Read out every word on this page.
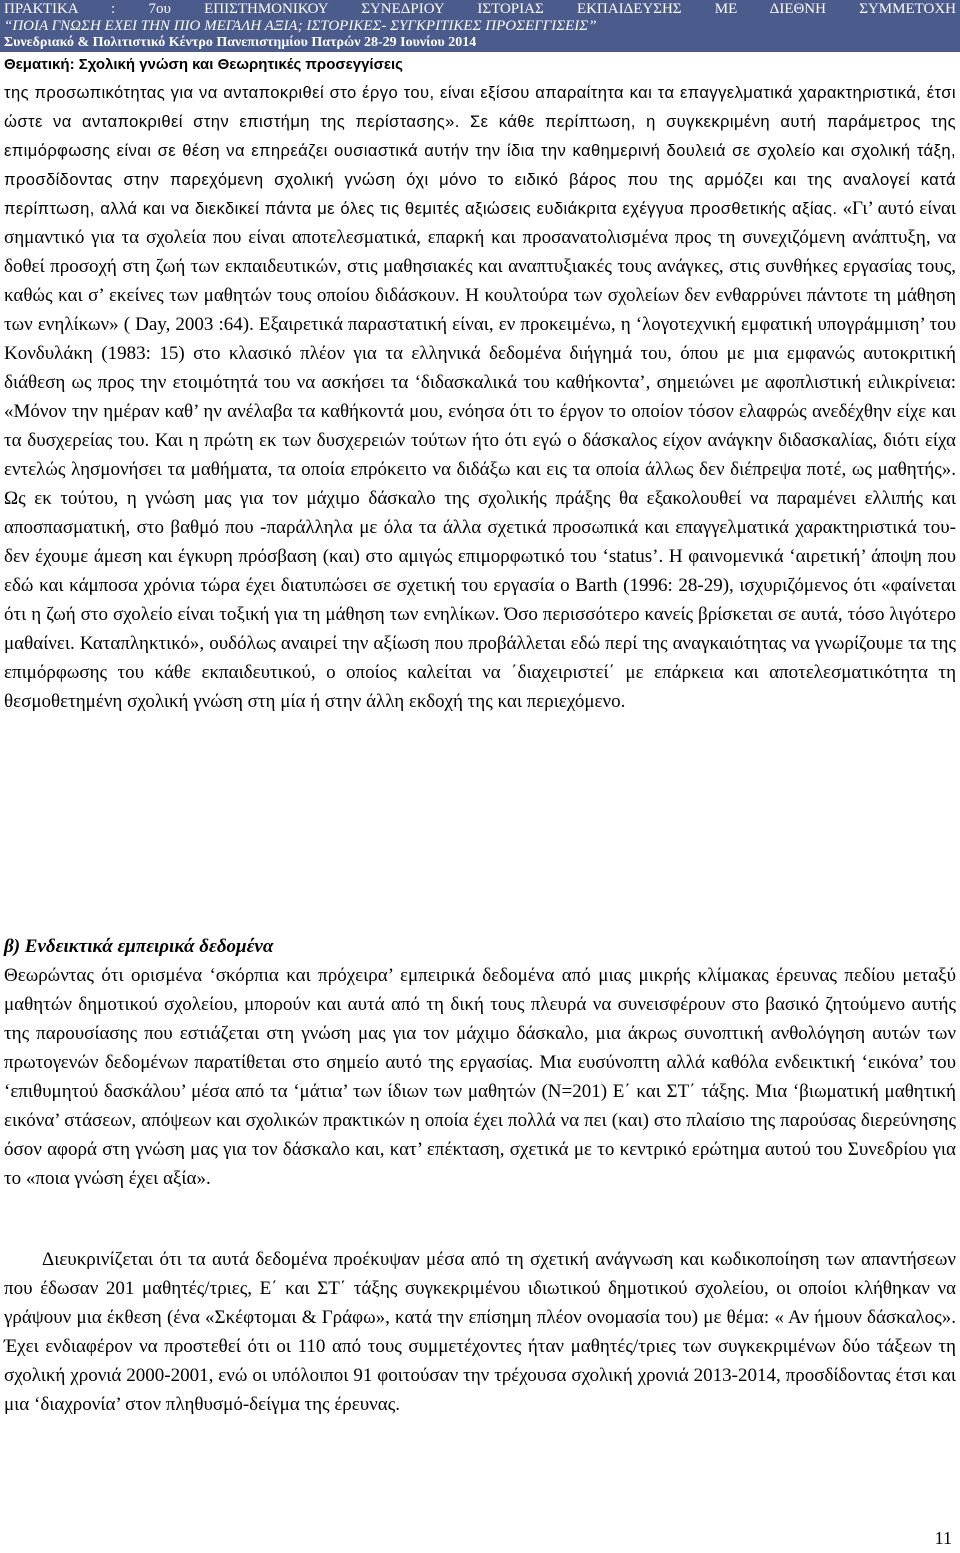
ΠΡΑΚΤΙΚΑ : 7ου ΕΠΙΣΤΗΜΟΝΙΚΟΥ ΣΥΝΕΔΡΙΟΥ ΙΣΤΟΡΙΑΣ ΕΚΠΑΙΔΕΥΣΗΣ ΜΕ ΔΙΕΘΝΗ ΣΥΜΜΕΤΟΧΗ
“ΠΟΙΑ ΓΝΩΣΗ ΕΧΕΙ ΤΗΝ ΠΙΟ ΜΕΓΑΛΗ ΑΞΙΑ; ΙΣΤΟΡΙΚΕΣ- ΣΥΓΚΡΙΤΙΚΕΣ ΠΡΟΣΕΓΓΙΣΕΙΣ”
Συνεδριακό & Πολιτιστικό Κέντρο Πανεπιστημίου Πατρών 28-29 Ιουνίου 2014
Θεματική: Σχολική γνώση και Θεωρητικές προσεγγίσεις

της προσωπικότητας για να ανταποκριθεί στο έργο του, είναι εξίσου απαραίτητα και τα επαγγελματικά χαρακτηριστικά, έτσι ώστε να ανταποκριθεί στην επιστήμη της περίστασης». Σε κάθε περίπτωση, η συγκεκριμένη αυτή παράμετρος της επιμόρφωσης είναι σε θέση να επηρεάζει ουσιαστικά αυτήν την ίδια την καθημερινή δουλειά σε σχολείο και σχολική τάξη, προσδίδοντας στην παρεχόμενη σχολική γνώση όχι μόνο το ειδικό βάρος που της αρμόζει και της αναλογεί κατά περίπτωση, αλλά και να διεκδικεί πάντα με όλες τις θεμιτές αξιώσεις ευδιάκριτα εχέγγυα προσθετικής αξίας. «Γι’ αυτό είναι σημαντικό για τα σχολεία που είναι αποτελεσματικά, επαρκή και προσανατολισμένα προς τη συνεχιζόμενη ανάπτυξη, να δοθεί προσοχή στη ζωή των εκπαιδευτικών, στις μαθησιακές και αναπτυξιακές τους ανάγκες, στις συνθήκες εργασίας τους, καθώς και σ’ εκείνες των μαθητών τους οποίου διδάσκουν. Η κουλτούρα των σχολείων δεν ενθαρρύνει πάντοτε τη μάθηση των ενηλίκων» ( Day, 2003 :64). Εξαιρετικά παραστατική είναι, εν προκειμένω, η ‘λογοτεχνική εμφατική υπογράμμιση’ του Κονδυλάκη (1983: 15) στο κλασικό πλέον για τα ελληνικά δεδομένα διήγημά του, όπου με μια εμφανώς αυτοκριτική διάθεση ως προς την ετοιμότητά του να ασκήσει τα ‘διδασκαλικά του καθήκοντα’, σημειώνει με αφοπλιστική ειλικρίνεια: «Μόνον την ημέραν καθ’ ην ανέλαβα τα καθήκοντά μου, ενόησα ότι το έργον το οποίον τόσον ελαφρώς ανεδέχθην είχε και τα δυσχερείας του. Και η πρώτη εκ των δυσχερειών τούτων ήτο ότι εγώ ο δάσκαλος είχον ανάγκην διδασκαλίας, διότι είχα εντελώς λησμονήσει τα μαθήματα, τα οποία επρόκειτο να διδάξω και εις τα οποία άλλως δεν διέπρεψα ποτέ, ως μαθητής». Ως εκ τούτου, η γνώση μας για τον μάχιμο δάσκαλο της σχολικής πράξης θα εξακολουθεί να παραμένει ελλιπής και αποσπασματική, στο βαθμό που -παράλληλα με όλα τα άλλα σχετικά προσωπικά και επαγγελματικά χαρακτηριστικά του- δεν έχουμε άμεση και έγκυρη πρόσβαση (και) στο αμιγώς επιμορφωτικό του ‘status’. Η φαινομενικά ‘αιρετική’ άποψη που εδώ και κάμποσα χρόνια τώρα έχει διατυπώσει σε σχετική του εργασία ο Barth (1996: 28-29), ισχυριζόμενος ότι «φαίνεται ότι η ζωή στο σχολείο είναι τοξική για τη μάθηση των ενηλίκων. Όσο περισσότερο κανείς βρίσκεται σε αυτά, τόσο λιγότερο μαθαίνει. Καταπληκτικό», ουδόλως αναιρεί την αξίωση που προβάλλεται εδώ περί της αναγκαιότητας να γνωρίζουμε τα της επιμόρφωσης του κάθε εκπαιδευτικού, ο οποίος καλείται να ΄διαχειριστεί΄ με επάρκεια και αποτελεσματικότητα τη θεσμοθετημένη σχολική γνώση στη μία ή στην άλλη εκδοχή της και περιεχόμενο.

β) Ενδεικτικά εμπειρικά δεδομένα

Θεωρώντας ότι ορισμένα ‘σκόρπια και πρόχειρα’ εμπειρικά δεδομένα από μιας μικρής κλίμακας έρευνας πεδίου μεταξύ μαθητών δημοτικού σχολείου, μπορούν και αυτά από τη δική τους πλευρά να συνεισφέρουν στο βασικό ζητούμενο αυτής της παρουσίασης που εστιάζεται στη γνώση μας για τον μάχιμο δάσκαλο, μια άκρως συνοπτική ανθολόγηση αυτών των πρωτογενών δεδομένων παρατίθεται στο σημείο αυτό της εργασίας. Μια ευσύνοπτη αλλά καθόλα ενδεικτική ‘εικόνα’ του ‘επιθυμητού δασκάλου’ μέσα από τα ‘μάτια’ των ίδιων των μαθητών (Ν=201) Ε΄ και ΣΤ΄ τάξης. Μια ‘βιωματική μαθητική εικόνα’ στάσεων, απόψεων και σχολικών πρακτικών η οποία έχει πολλά να πει (και) στο πλαίσιο της παρούσας διερεύνησης όσον αφορά στη γνώση μας για τον δάσκαλο και, κατ’ επέκταση, σχετικά με το κεντρικό ερώτημα αυτού του Συνεδρίου για το «ποια γνώση έχει αξία».

Διευκρινίζεται ότι τα αυτά δεδομένα προέκυψαν μέσα από τη σχετική ανάγνωση και κωδικοποίηση των απαντήσεων που έδωσαν 201 μαθητές/τριες, Ε΄ και ΣΤ΄ τάξης συγκεκριμένου ιδιωτικού δημοτικού σχολείου, οι οποίοι κλήθηκαν να γράψουν μια έκθεση (ένα «Σκέφτομαι & Γράφω», κατά την επίσημη πλέον ονομασία του) με θέμα: « Αν ήμουν δάσκαλος». Έχει ενδιαφέρον να προστεθεί ότι οι 110 από τους συμμετέχοντες ήταν μαθητές/τριες των συγκεκριμένων δύο τάξεων τη σχολική χρονιά 2000-2001, ενώ οι υπόλοιποι 91 φοιτούσαν την τρέχουσα σχολική χρονιά 2013-2014, προσδίδοντας έτσι και μια ‘διαχρονία’ στον πληθυσμό-δείγμα της έρευνας.

11
